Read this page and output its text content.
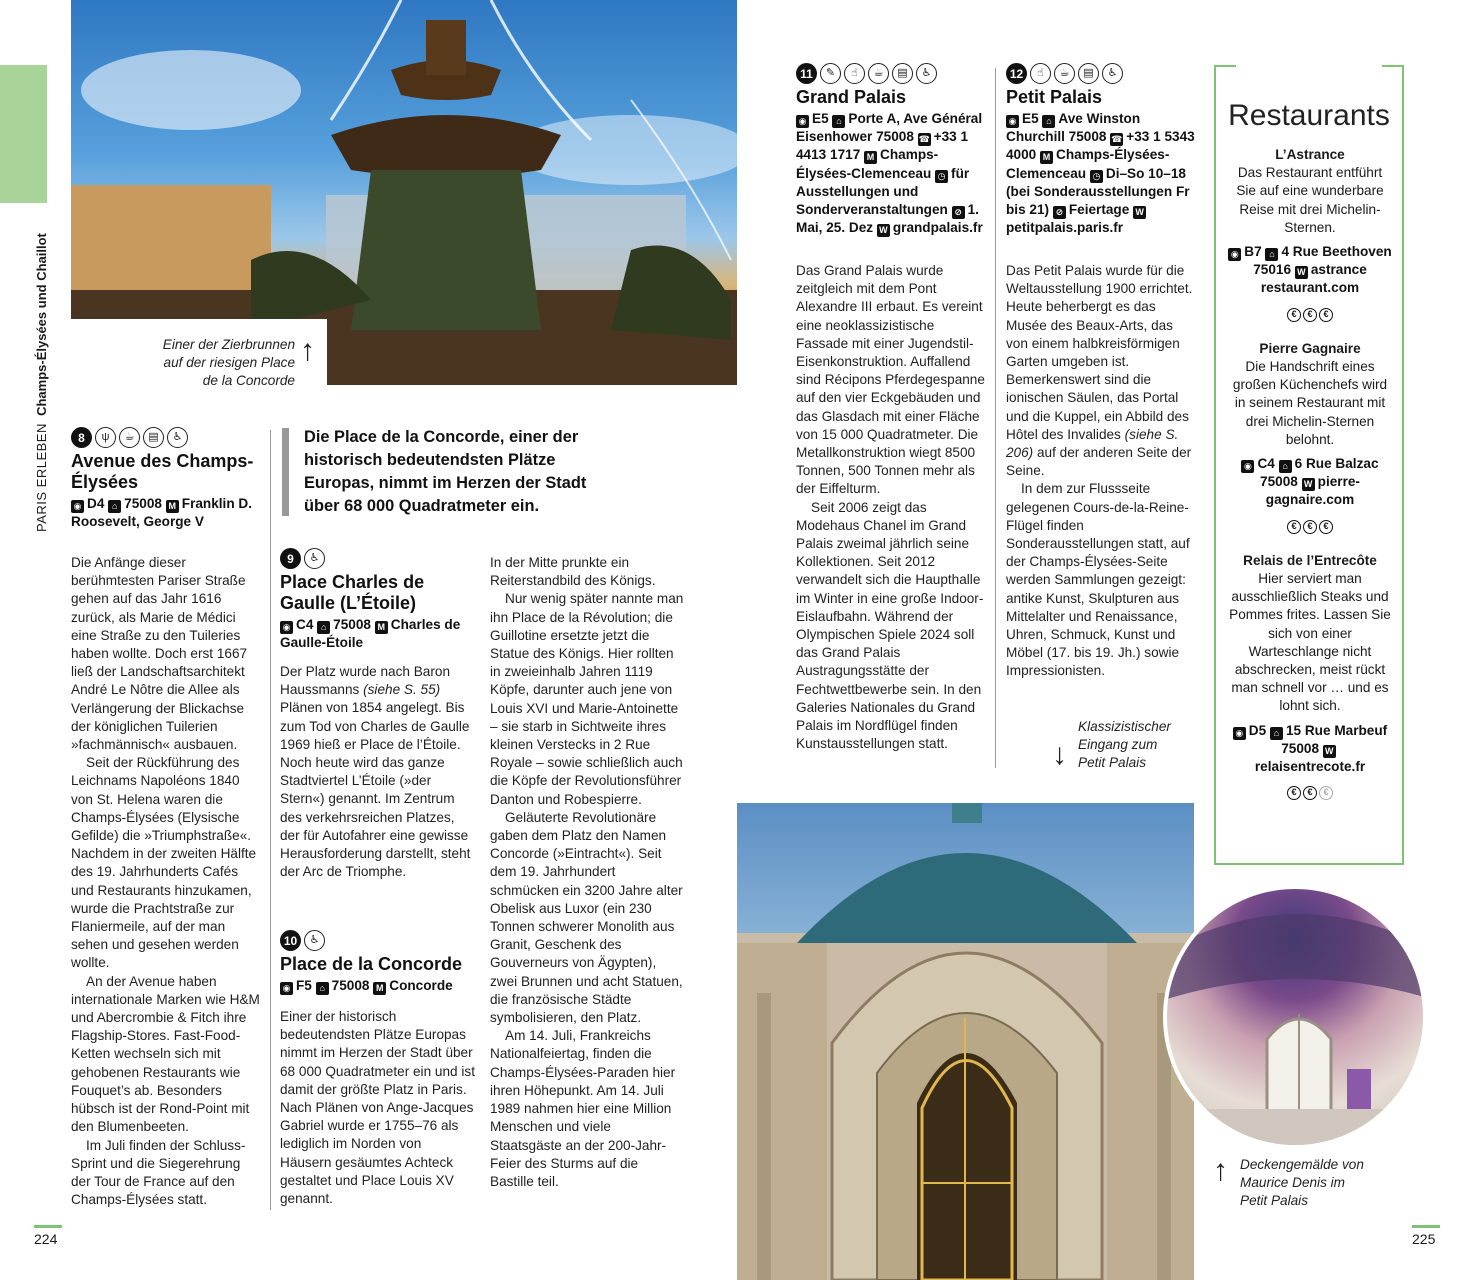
PARIS ERLEBEN  Champs-Élysées und Chaillot	Einer der Zierbrunnen auf der riesigen Place de la Concorde
↑
8 ψ ☕ ▤ ♿
Avenue des Champs-Élysées
◉ D4 ⌂ 75008 M Franklin D. Roosevelt, George V

Die Anfänge dieser berühmtesten Pariser Straße gehen auf das Jahr 1616 zurück, als Marie de Médici eine Straße zu den Tuileries haben wollte. Doch erst 1667 ließ der Landschaftsarchitekt André Le Nôtre die Allee als Verlängerung der Blickachse der königlichen Tuilerien »fachmännisch« ausbauen.

Seit der Rückführung des Leichnams Napoléons 1840 von St. Helena waren die Champs-Élysées (Elysische Gefilde) die »Triumphstraße«. Nachdem in der zweiten Hälfte des 19. Jahrhunderts Cafés und Restaurants hinzukamen, wurde die Prachtstraße zur Flaniermeile, auf der man sehen und gesehen werden wollte.

An der Avenue haben internationale Marken wie H&M und Abercrombie & Fitch ihre Flagship-Stores. Fast-Food-Ketten wechseln sich mit gehobenen Restaurants wie Fouquet’s ab. Besonders hübsch ist der Rond-Point mit den Blumenbeeten.

Im Juli finden der Schluss-Sprint und die Siegerehrung der Tour de France auf den Champs-Élysées statt.

Die Place de la Concorde, einer der historisch bedeutendsten Plätze Europas, nimmt im Herzen der Stadt über 68 000 Quadratmeter ein.
9 ♿
Place Charles de Gaulle (L’Étoile)
◉ C4 ⌂ 75008 M Charles de Gaulle-Étoile

Der Platz wurde nach Baron Haussmanns (siehe S. 55) Plänen von 1854 angelegt. Bis zum Tod von Charles de Gaulle 1969 hieß er Place de l’Étoile. Noch heute wird das ganze Stadtviertel L’Étoile (»der Stern«) genannt. Im Zentrum des verkehrsreichen Platzes, der für Autofahrer eine gewisse Herausforderung darstellt, steht der Arc de Triomphe.

10 ♿
Place de la Concorde
◉ F5 ⌂ 75008 M Concorde

Einer der historisch bedeutendsten Plätze Europas nimmt im Herzen der Stadt über 68 000 Quadratmeter ein und ist damit der größte Platz in Paris. Nach Plänen von Ange-Jacques Gabriel wurde er 1755–76 als lediglich im Norden von Häusern gesäumtes Achteck gestaltet und Place Louis XV genannt.

In der Mitte prunkte ein Reiterstandbild des Königs.

Nur wenig später nannte man ihn Place de la Révolution; die Guillotine ersetzte jetzt die Statue des Königs. Hier rollten in zweieinhalb Jahren 1119 Köpfe, darunter auch jene von Louis XVI und Marie-Antoinette – sie starb in Sichtweite ihres kleinen Verstecks in 2 Rue Royale – sowie schließlich auch die Köpfe der Revolutionsführer Danton und Robespierre.

Geläuterte Revolutionäre gaben dem Platz den Namen Concorde (»Eintracht«). Seit dem 19. Jahrhundert schmücken ein 3200 Jahre alter Obelisk aus Luxor (ein 230 Tonnen schwerer Monolith aus Granit, Geschenk des Gouverneurs von Ägypten), zwei Brunnen und acht Statuen, die französische Städte symbolisieren, den Platz.

Am 14. Juli, Frankreichs Nationalfeiertag, finden die Champs-Élysées-Paraden hier ihren Höhepunkt. Am 14. Juli 1989 nahmen hier eine Million Menschen und viele Staatsgäste an der 200-Jahr-Feier des Sturms auf die Bastille teil.

224
11 ✎ ☝ ☕ ▤ ♿
Grand Palais
◉ E5 ⌂ Porte A, Ave Général Eisenhower 75008 ☎ +33 1 4413 1717 M Champs-Élysées-Clemenceau ◷ für Ausstellungen und Sonderveranstaltungen ⊘ 1. Mai, 25. Dez W grandpalais.fr

Das Grand Palais wurde zeitgleich mit dem Pont Alexandre III erbaut. Es vereint eine neoklassizistische Fassade mit einer Jugendstil-Eisenkonstruktion. Auffallend sind Récipons Pferdegespanne auf den vier Eckgebäuden und das Glasdach mit einer Fläche von 15 000 Quadratmeter. Die Metallkonstruktion wiegt 8500 Tonnen, 500 Tonnen mehr als der Eiffelturm.

Seit 2006 zeigt das Modehaus Chanel im Grand Palais zweimal jährlich seine Kollektionen. Seit 2012 verwandelt sich die Haupthalle im Winter in eine große Indoor-Eislaufbahn. Während der Olympischen Spiele 2024 soll das Grand Palais Austragungsstätte der Fechtwettbewerbe sein. In den Galeries Nationales du Grand Palais im Nordflügel finden Kunstausstellungen statt.

12 ☝ ☕ ▤ ♿
Petit Palais
◉ E5 ⌂ Ave Winston Churchill 75008 ☎ +33 1 5343 4000 M Champs-Élysées-Clemenceau ◷ Di–So 10–18 (bei Sonderausstellungen Fr bis 21) ⊘ Feiertage Wpetitpalais.paris.fr

Das Petit Palais wurde für die Weltausstellung 1900 errichtet. Heute beherbergt es das Musée des Beaux-Arts, das von einem halbkreisförmigen Garten umgeben ist. Bemerkenswert sind die ionischen Säulen, das Portal und die Kuppel, ein Abbild des Hôtel des Invalides (siehe S. 206) auf der anderen Seite der Seine.

In dem zur Flussseite gelegenen Cours-de-la-Reine-Flügel finden Sonderausstellungen statt, auf der Champs-Élysées-Seite werden Sammlungen gezeigt: antike Kunst, Skulpturen aus Mittelalter und Renaissance, Uhren, Schmuck, Kunst und Möbel (17. bis 19. Jh.) sowie Impressionisten.

↓
Klassizistischer Eingang zum Petit Palais
Restaurants
L’Astrance
Das Restaurant entführt Sie auf eine wunderbare Reise mit drei Michelin-Sternen.
◉ B7 ⌂ 4 Rue Beethoven 75016 W astrance restaurant.com
€ € €
Pierre Gagnaire
Die Handschrift eines großen Küchenchefs wird in seinem Restaurant mit drei Michelin-Sternen belohnt.
◉ C4 ⌂ 6 Rue Balzac 75008 W pierre-gagnaire.com
€ € €
Relais de l’Entrecôte
Hier serviert man ausschließlich Steaks und Pommes frites. Lassen Sie sich von einer Warteschlange nicht abschrecken, meist rückt man schnell vor … und es lohnt sich.
◉ D5 ⌂ 15 Rue Marbeuf 75008 Wrelaisentrecote.fr
€ € €
↑ Deckengemälde von Maurice Denis im Petit Palais
225
